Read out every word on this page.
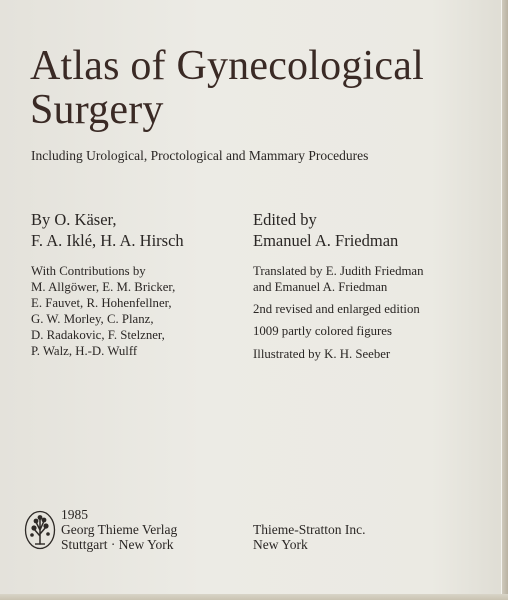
Atlas of Gynecological
Surgery
Including Urological, Proctological and Mammary Procedures
By O. Käser,
F. A. Iklé, H. A. Hirsch
Edited by
Emanuel A. Friedman
With Contributions by
M. Allgöwer, E. M. Bricker,
E. Fauvet, R. Hohenfellner,
G. W. Morley, C. Planz,
D. Radakovic, F. Stelzner,
P. Walz, H.-D. Wulff
Translated by E. Judith Friedman
and Emanuel A. Friedman
2nd revised and enlarged edition
1009 partly colored figures
Illustrated by K. H. Seeber
1985
Georg Thieme Verlag
Stuttgart · New York
Thieme-Stratton Inc.
New York
